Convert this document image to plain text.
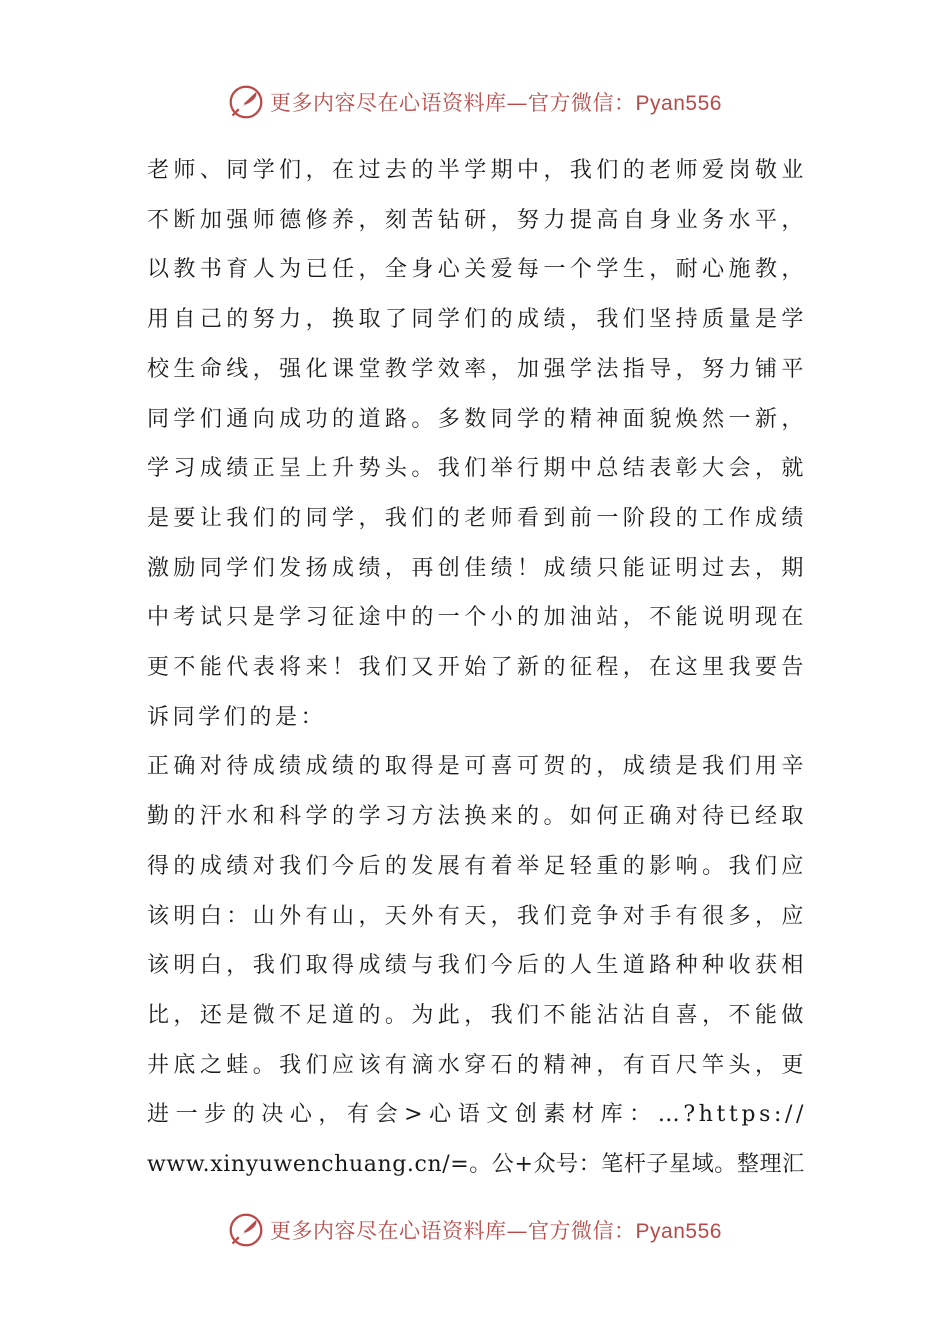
更多内容尽在心语资料库—官方微信：Pyan556
老师、同学们，在过去的半学期中，我们的老师爱岗敬业
不断加强师德修养，刻苦钻研，努力提高自身业务水平，
以教书育人为已任，全身心关爱每一个学生，耐心施教，
用自己的努力，换取了同学们的成绩，我们坚持质量是学
校生命线，强化课堂教学效率，加强学法指导，努力铺平
同学们通向成功的道路。多数同学的精神面貌焕然一新，
学习成绩正呈上升势头。我们举行期中总结表彰大会，就
是要让我们的同学，我们的老师看到前一阶段的工作成绩
激励同学们发扬成绩，再创佳绩！成绩只能证明过去，期
中考试只是学习征途中的一个小的加油站，不能说明现在
更不能代表将来！我们又开始了新的征程，在这里我要告
诉同学们的是：
正确对待成绩成绩的取得是可喜可贺的，成绩是我们用辛
勤的汗水和科学的学习方法换来的。如何正确对待已经取
得的成绩对我们今后的发展有着举足轻重的影响。我们应
该明白：山外有山，天外有天，我们竞争对手有很多，应
该明白，我们取得成绩与我们今后的人生道路种种收获相
比，还是微不足道的。为此，我们不能沾沾自喜，不能做
井底之蛙。我们应该有滴水穿石的精神，有百尺竿头，更
进一步的决心，有会>心语文创素材库：…?https://
www.xinyuwenchuang.cn/=。公+众号：笔杆子星域。整理汇
更多内容尽在心语资料库—官方微信：Pyan556
